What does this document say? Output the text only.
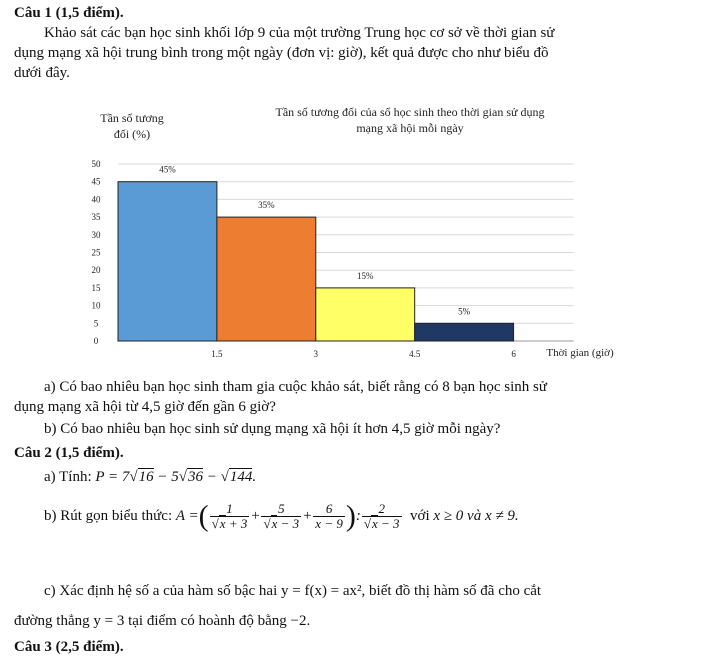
Câu 1 (1,5 điểm).
Khảo sát các bạn học sinh khối lớp 9 của một trường Trung học cơ sở về thời gian sử
dụng mạng xã hội trung bình trong một ngày (đơn vị: giờ), kết quả được cho như biểu đồ
dưới đây.
Tần số tương
đối (%)
Tần số tương đối của số học sinh theo thời gian sử dụng
mạng xã hội mỗi ngày
0
5
10
15
20
25
30
35
40
45
50
45%
35%
15%
5%
1.5	3	4.5	6	Thời gian (giờ)
a) Có bao nhiêu bạn học sinh tham gia cuộc khảo sát, biết rằng có 8 bạn học sinh sử
dụng mạng xã hội từ 4,5 giờ đến gần 6 giờ?
b) Có bao nhiêu bạn học sinh sử dụng mạng xã hội ít hơn 4,5 giờ mỗi ngày?
Câu 2 (1,5 điểm).
a) Tính: P = 7√16 − 5√36 − √144.
b) Rút gọn biểu thức: A =( $\frac{1}{√x + 3} + \frac{5}{√x - 3} + \frac{6}{x - 9}$ ): $\frac{2}{√x - 3}$ với x ≥ 0 và x ≠ 9.
c) Xác định hệ số a của hàm số bậc hai y = f(x) = ax², biết đồ thị hàm số đã cho cắt
đường thẳng y = 3 tại điểm có hoành độ bằng −2.
Câu 3 (2,5 điểm).
